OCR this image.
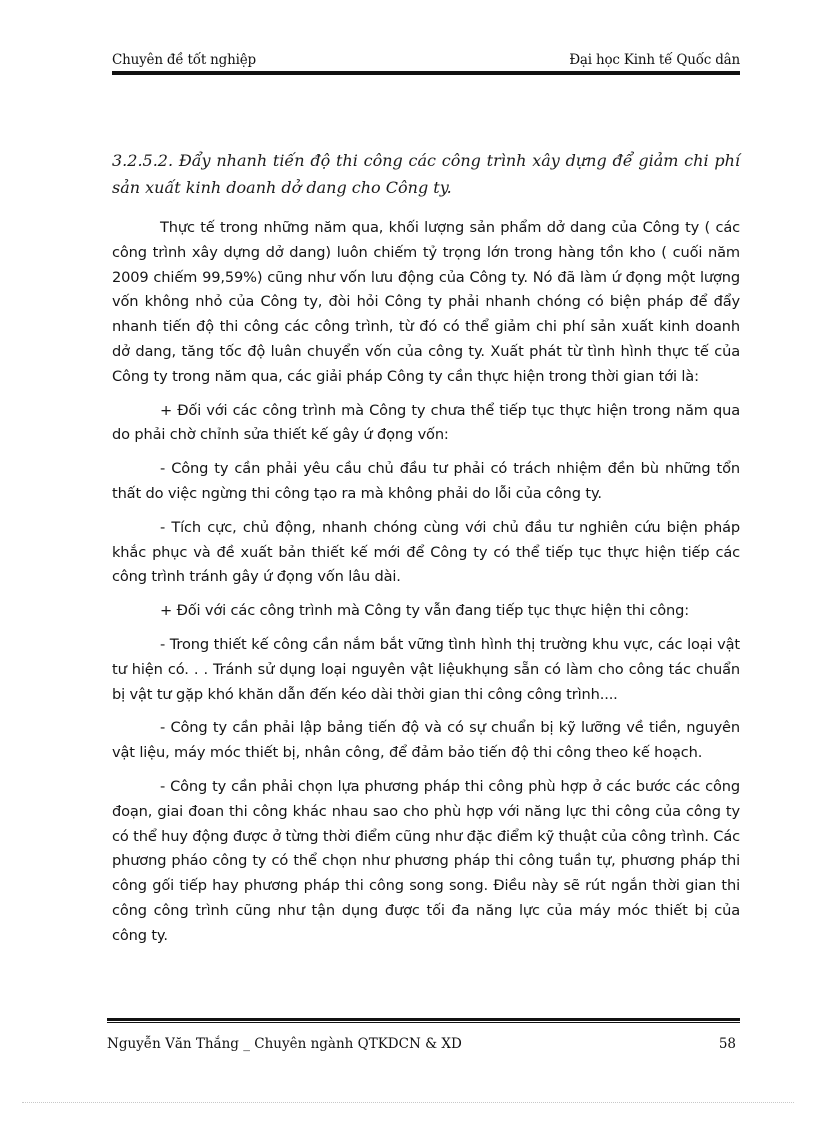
Chuyên đề tốt nghiệp	Đại học Kinh tế Quốc dân

3.2.5.2. Đẩy nhanh tiến độ thi công các công trình xây dựng để giảm chi phí sản xuất kinh doanh dở dang cho Công ty.

Thực tế trong những năm qua, khối lượng sản phẩm dở dang của Công ty ( các công trình xây dựng dở dang) luôn chiếm tỷ trọng lớn trong hàng tồn kho ( cuối năm 2009 chiếm 99,59%) cũng như vốn lưu động của Công ty. Nó đã làm ứ đọng một lượng vốn không nhỏ của Công ty, đòi hỏi Công ty phải nhanh chóng có biện pháp để đẩy nhanh tiến độ thi công các công trình, từ đó có thể giảm chi phí sản xuất kinh doanh dở dang, tăng tốc độ luân chuyển vốn của công ty. Xuất phát từ tình hình thực tế của Công ty trong năm qua, các giải pháp Công ty cần thực hiện trong thời gian tới là:

+ Đối với các công trình mà Công ty chưa thể tiếp tục thực hiện trong năm qua do phải chờ chỉnh sửa thiết kế gây ứ đọng vốn:

- Công ty cần phải yêu cầu chủ đầu tư phải có trách nhiệm đền bù những tổn thất do việc ngừng thi công tạo ra mà không phải do lỗi của công ty.

- Tích cực, chủ động, nhanh chóng cùng với chủ đầu tư nghiên cứu biện pháp khắc phục và đề xuất bản thiết kế mới để Công ty có thể tiếp tục thực hiện tiếp các công trình tránh gây ứ đọng vốn lâu dài.

+ Đối với các công trình mà Công ty vẫn đang tiếp tục thực hiện thi công:

- Trong thiết kế công cần nắm bắt vững tình hình thị trường khu vực, các loại vật tư hiện có. . . Tránh sử dụng loại nguyên vật liệukhụng sẵn có làm cho công tác chuẩn bị vật tư gặp khó khăn dẫn đến kéo dài thời gian thi công công trình....

- Công ty cần phải lập bảng tiến độ và có sự chuẩn bị kỹ lưỡng về tiền, nguyên vật liệu, máy móc thiết bị, nhân công, để đảm bảo tiến độ thi công theo kế hoạch.

- Công ty cần phải chọn lựa phương pháp thi công phù hợp ở các bước các công đoạn, giai đoan thi công khác nhau sao cho phù hợp với năng lực thi công của công ty có thể huy động được ở từng thời điểm cũng như đặc điểm kỹ thuật của công trình. Các phương pháo công ty có thể chọn như phương pháp thi công tuần tự, phương pháp thi công gối tiếp hay phương pháp thi công song song. Điều này sẽ rút ngắn thời gian thi công công trình cũng như tận dụng được tối đa năng lực của máy móc thiết bị của công ty.

Nguyễn Văn Thắng _ Chuyên ngành QTKDCN & XD	58
